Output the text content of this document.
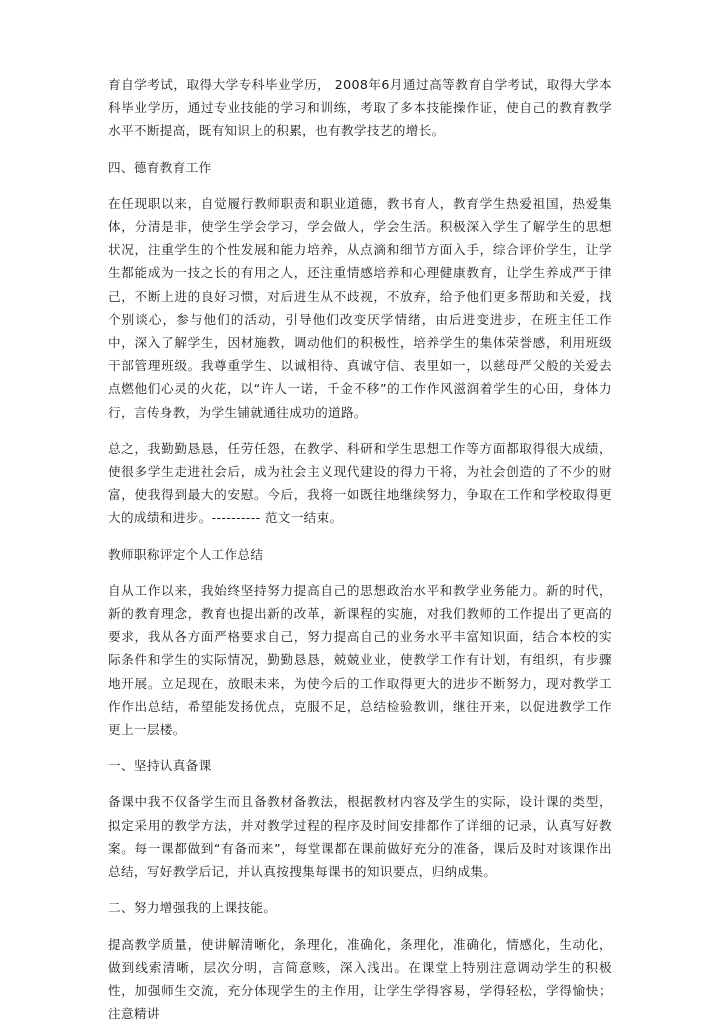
育自学考试，取得大学专科毕业学历， 2008年6月通过高等教育自学考试，取得大学本科毕业学历，通过专业技能的学习和训练，考取了多本技能操作证，使自己的教育教学水平不断提高，既有知识上的积累，也有教学技艺的增长。

四、德育教育工作

在任现职以来，自觉履行教师职责和职业道德，教书育人，教育学生热爱祖国，热爱集体，分清是非，使学生学会学习，学会做人，学会生活。积极深入学生了解学生的思想状况，注重学生的个性发展和能力培养，从点滴和细节方面入手，综合评价学生，让学生都能成为一技之长的有用之人，还注重情感培养和心理健康教育，让学生养成严于律己，不断上进的良好习惯，对后进生从不歧视，不放弃，给予他们更多帮助和关爱，找个别谈心，参与他们的活动，引导他们改变厌学情绪，由后进变进步，在班主任工作中，深入了解学生，因材施教，调动他们的积极性，培养学生的集体荣誉感，利用班级干部管理班级。我尊重学生、以诚相待、真诚守信、表里如一，以慈母严父般的关爱去点燃他们心灵的火花，以“许人一诺，千金不移”的工作作风滋润着学生的心田，身体力行，言传身教，为学生铺就通往成功的道路。

总之，我勤勤恳恳，任劳任怨，在教学、科研和学生思想工作等方面都取得很大成绩，使很多学生走进社会后，成为社会主义现代建设的得力干将，为社会创造的了不少的财富，使我得到最大的安慰。今后，我将一如既往地继续努力，争取在工作和学校取得更大的成绩和进步。---------- 范文一结束。

教师职称评定个人工作总结

自从工作以来，我始终坚持努力提高自己的思想政治水平和教学业务能力。新的时代，新的教育理念，教育也提出新的改革，新课程的实施，对我们教师的工作提出了更高的要求，我从各方面严格要求自己，努力提高自己的业务水平丰富知识面，结合本校的实际条件和学生的实际情况，勤勤恳恳，兢兢业业，使教学工作有计划，有组织，有步骤地开展。立足现在，放眼未来，为使今后的工作取得更大的进步不断努力，现对教学工作作出总结，希望能发扬优点，克服不足，总结检验教训，继往开来，以促进教学工作更上一层楼。

一、坚持认真备课

备课中我不仅备学生而且备教材备教法，根据教材内容及学生的实际，设计课的类型，拟定采用的教学方法，并对教学过程的程序及时间安排都作了详细的记录，认真写好教案。每一课都做到“有备而来”，每堂课都在课前做好充分的准备，课后及时对该课作出总结，写好教学后记，并认真按搜集每课书的知识要点，归纳成集。

二、努力增强我的上课技能。

提高教学质量，使讲解清晰化，条理化，准确化，条理化，准确化，情感化，生动化，做到线索清晰，层次分明，言简意赅，深入浅出。在课堂上特别注意调动学生的积极性，加强师生交流，充分体现学生的主作用，让学生学得容易，学得轻松，学得愉快；注意精讲
